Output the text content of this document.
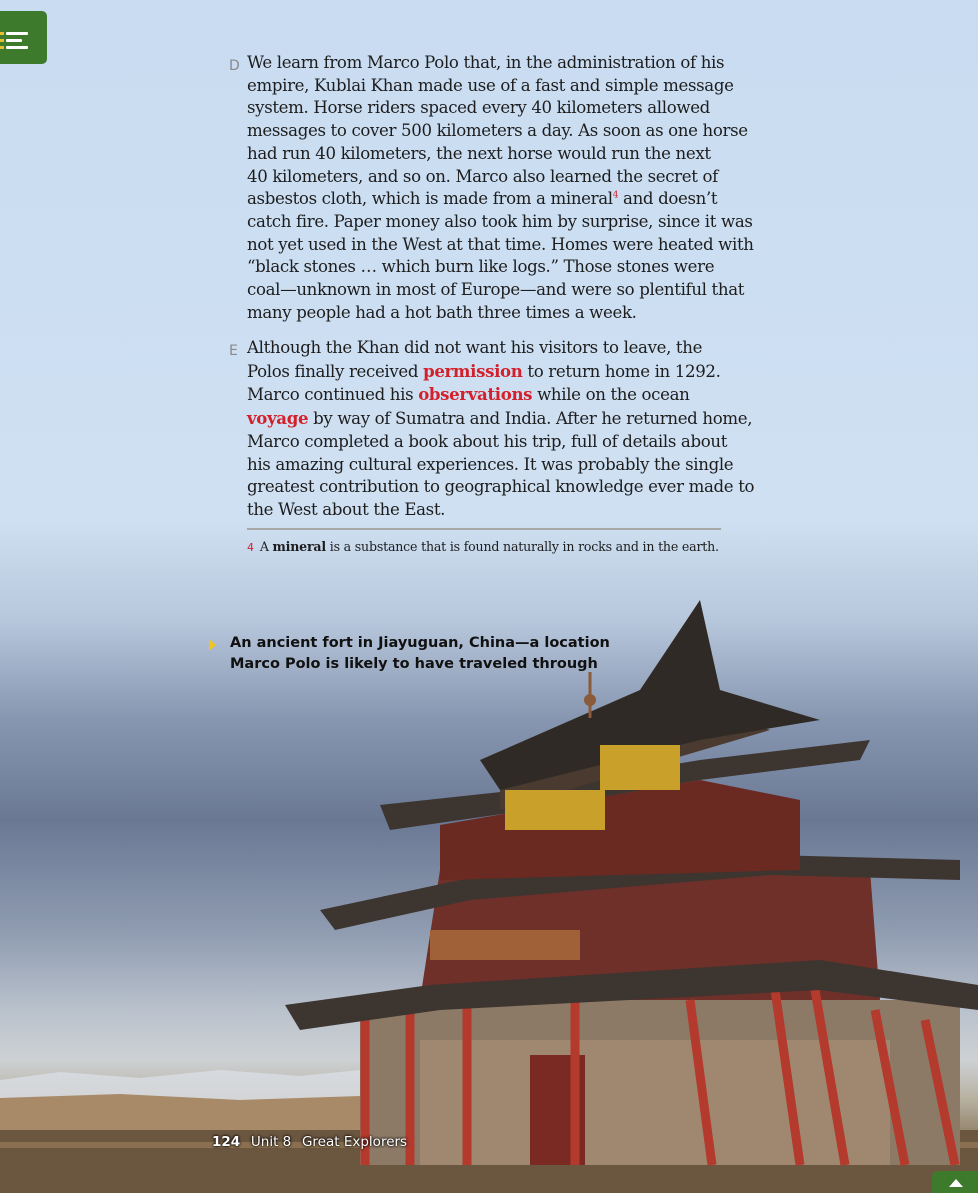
D We learn from Marco Polo that, in the administration of his
empire, Kublai Khan made use of a fast and simple message
system. Horse riders spaced every 40 kilometers allowed
messages to cover 500 kilometers a day. As soon as one horse
had run 40 kilometers, the next horse would run the next
40 kilometers, and so on. Marco also learned the secret of
asbestos cloth, which is made from a mineral$^4$ and doesn’t
catch fire. Paper money also took him by surprise, since it was
not yet used in the West at that time. Homes were heated with
“black stones … which burn like logs.” Those stones were
coal—unknown in most of Europe—and were so plentiful that
many people had a hot bath three times a week.
E Although the Khan did not want his visitors to leave, the
Polos finally received permission to return home in 1292.
Marco continued his observations while on the ocean
voyage by way of Sumatra and India. After he returned home,
Marco completed a book about his trip, full of details about
his amazing cultural experiences. It was probably the single
greatest contribution to geographical knowledge ever made to
the West about the East.
4 A mineral is a substance that is found naturally in rocks and in the earth.
An ancient fort in Jiayuguan, China—a location
Marco Polo is likely to have traveled through
124 Unit 8 Great Explorers
